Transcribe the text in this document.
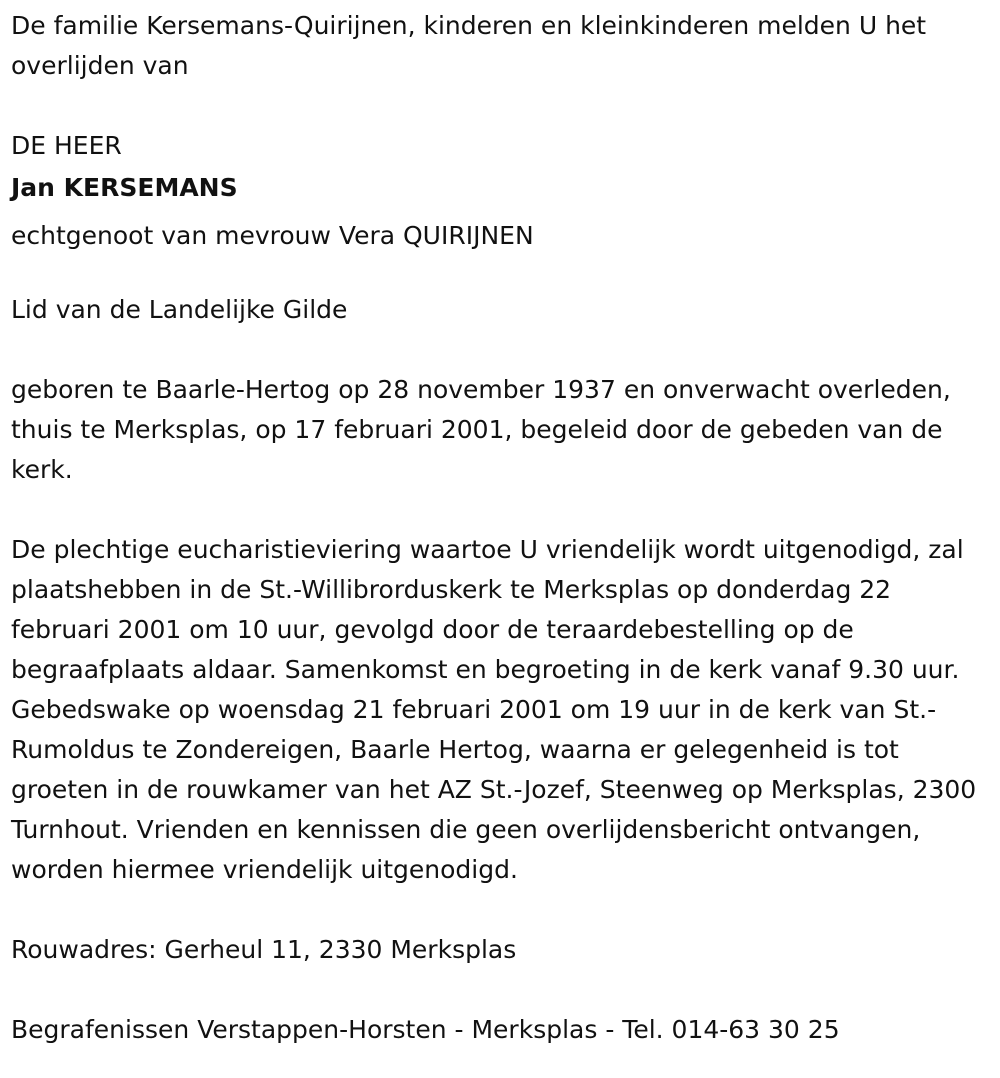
De familie Kersemans-Quirijnen, kinderen en kleinkinderen melden U het overlijden van

DE HEER

Jan KERSEMANS

echtgenoot van mevrouw Vera QUIRIJNEN

Lid van de Landelijke Gilde

geboren te Baarle-Hertog op 28 november 1937 en onverwacht overleden, thuis te Merksplas, op 17 februari 2001, begeleid door de gebeden van de kerk.

De plechtige eucharistieviering waartoe U vriendelijk wordt uitgenodigd, zal plaatshebben in de St.-Willibrorduskerk te Merksplas op donderdag 22 februari 2001 om 10 uur, gevolgd door de teraardebestelling op de begraafplaats aldaar. Samenkomst en begroeting in de kerk vanaf 9.30 uur. Gebedswake op woensdag 21 februari 2001 om 19 uur in de kerk van St.-Rumoldus te Zondereigen, Baarle Hertog, waarna er gelegenheid is tot groeten in de rouwkamer van het AZ St.-Jozef, Steenweg op Merksplas, 2300 Turnhout. Vrienden en kennissen die geen overlijdensbericht ontvangen, worden hiermee vriendelijk uitgenodigd.

Rouwadres: Gerheul 11, 2330 Merksplas

Begrafenissen Verstappen-Horsten - Merksplas - Tel. 014-63 30 25
